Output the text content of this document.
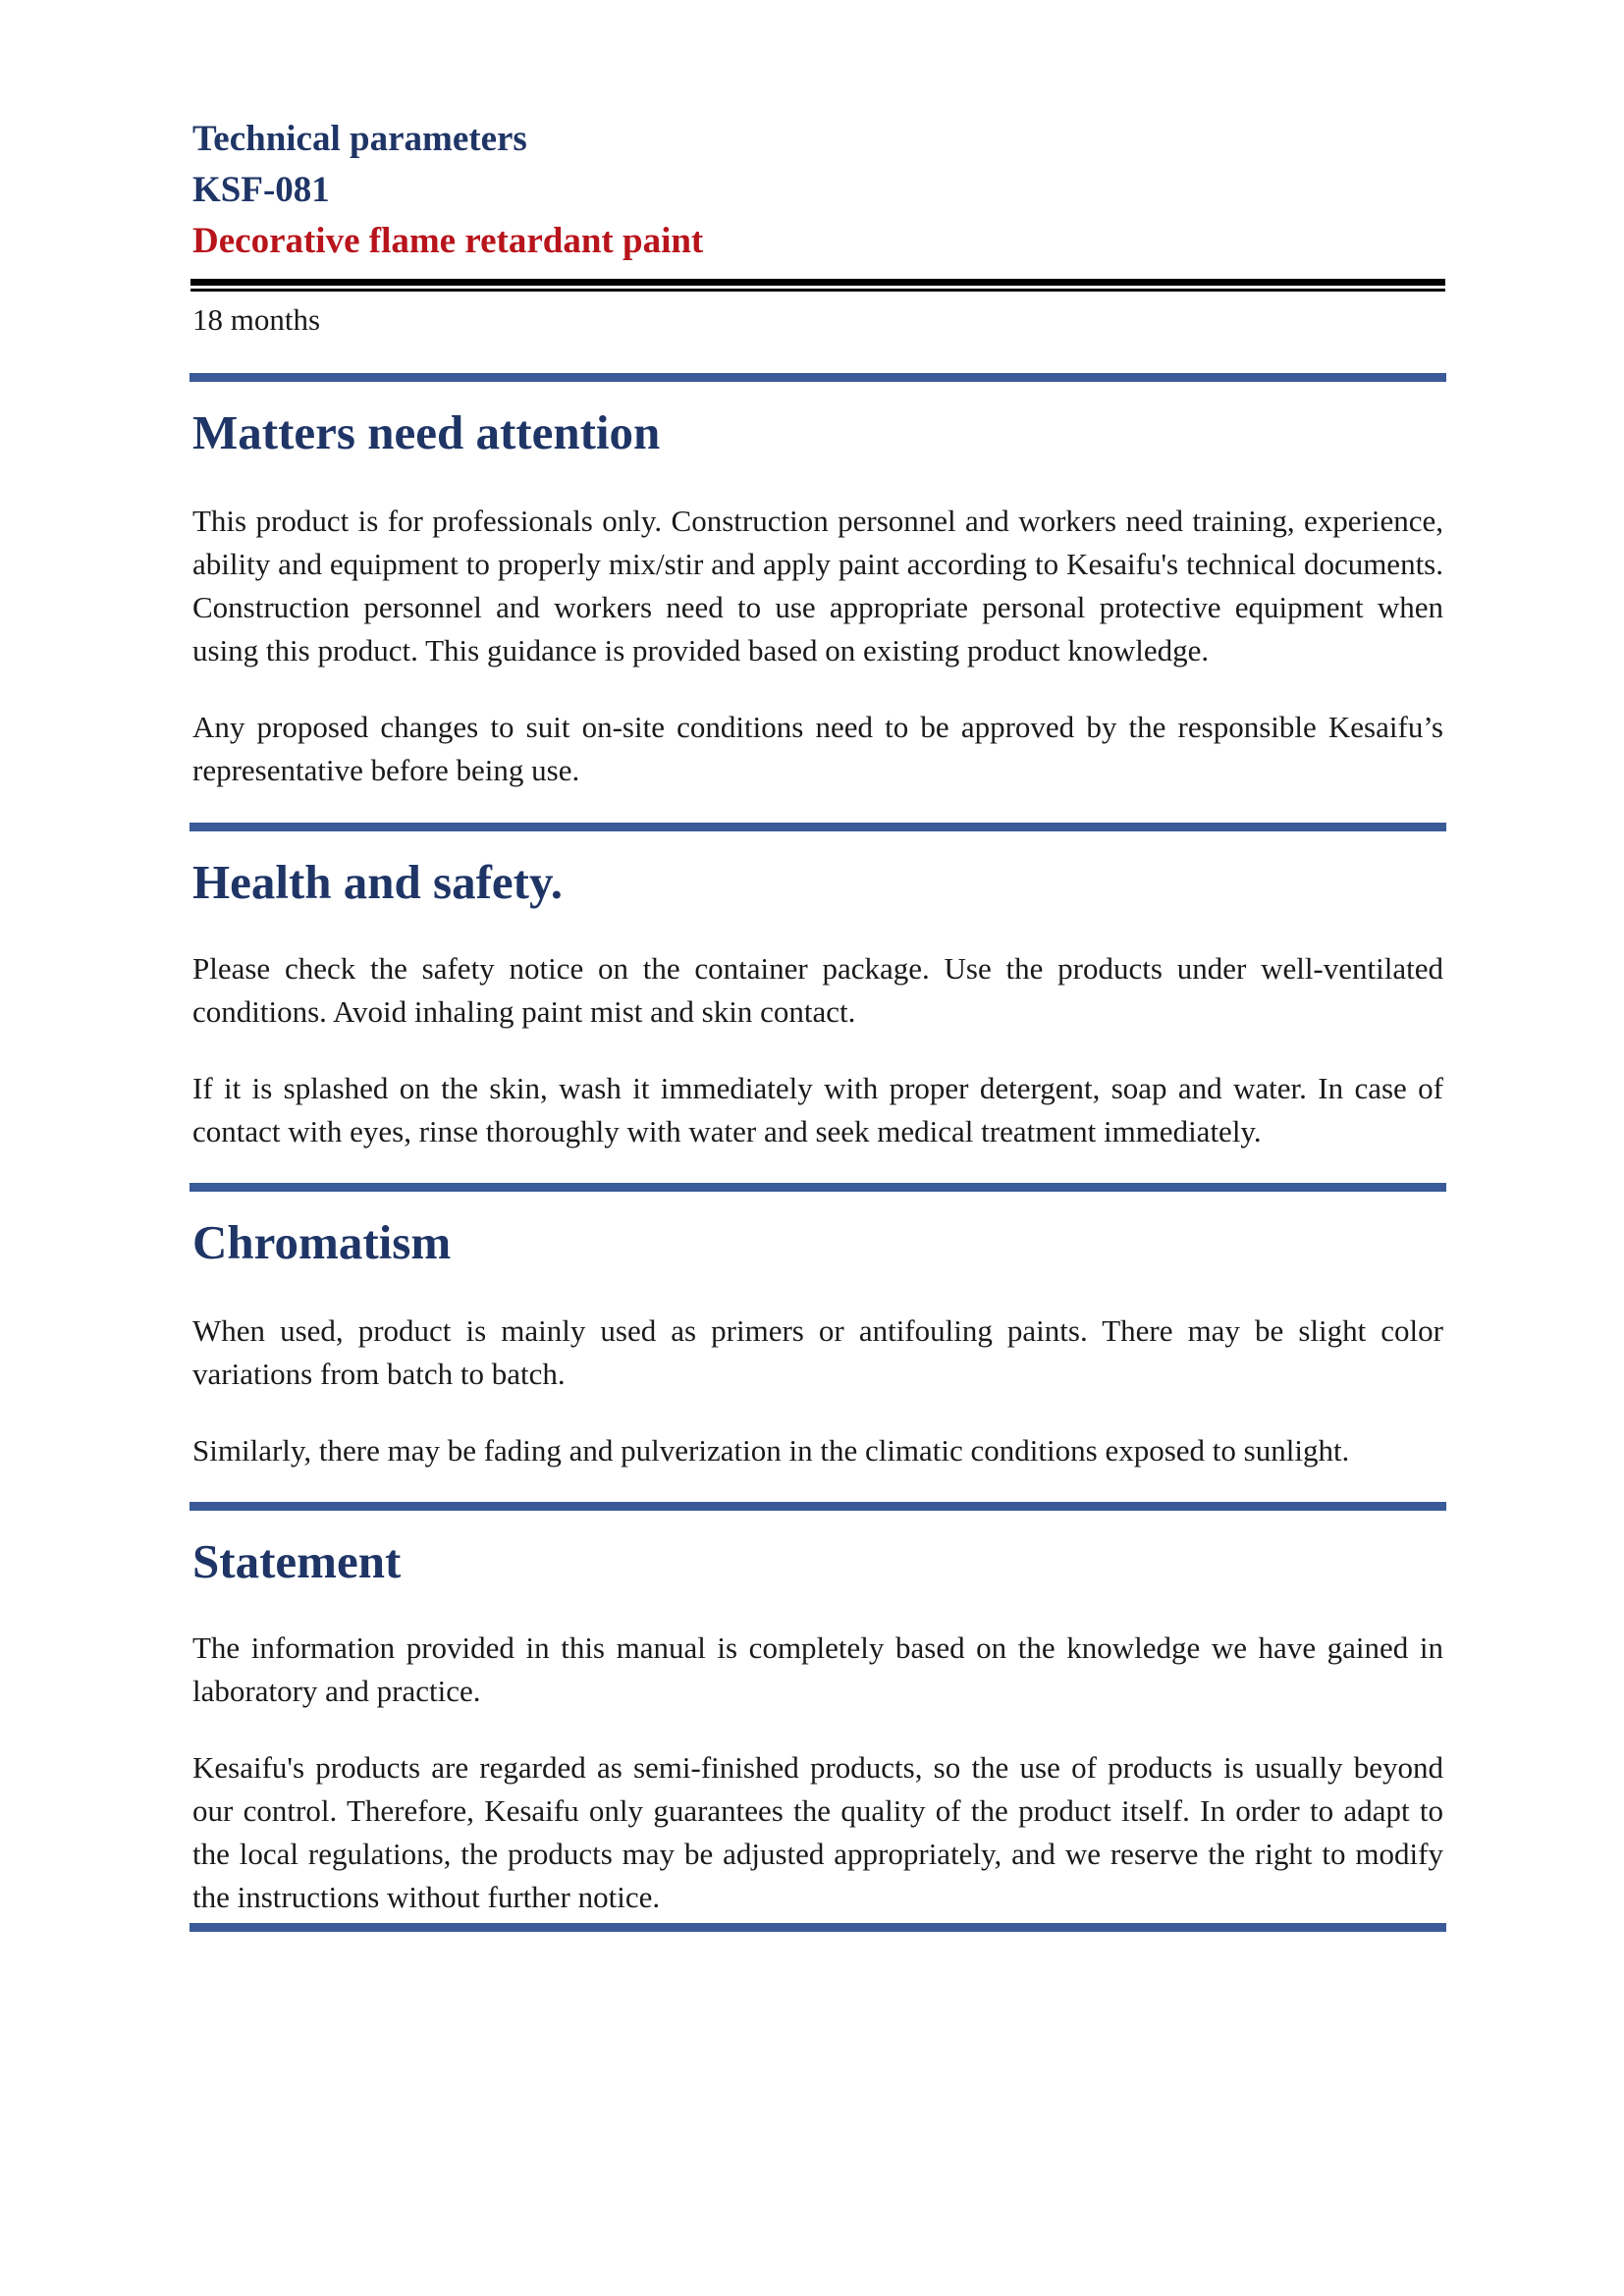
Technical parameters
KSF-081
Decorative flame retardant paint
18 months
Matters need attention

This product is for professionals only. Construction personnel and workers need training, experience, ability and equipment to properly mix/stir and apply paint according to Kesaifu's technical documents. Construction personnel and workers need to use appropriate personal protective equipment when using this product. This guidance is provided based on existing product knowledge.

Any proposed changes to suit on-site conditions need to be approved by the responsible Kesaifu’s representative before being use.

Health and safety.

Please check the safety notice on the container package. Use the products under well-ventilated conditions. Avoid inhaling paint mist and skin contact.

If it is splashed on the skin, wash it immediately with proper detergent, soap and water. In case of contact with eyes, rinse thoroughly with water and seek medical treatment immediately.

Chromatism

When used, product is mainly used as primers or antifouling paints. There may be slight color variations from batch to batch.

Similarly, there may be fading and pulverization in the climatic conditions exposed to sunlight.

Statement

The information provided in this manual is completely based on the knowledge we have gained in laboratory and practice.

Kesaifu's products are regarded as semi-finished products, so the use of products is usually beyond our control. Therefore, Kesaifu only guarantees the quality of the product itself. In order to adapt to the local regulations, the products may be adjusted appropriately, and we reserve the right to modify the instructions without further notice.
